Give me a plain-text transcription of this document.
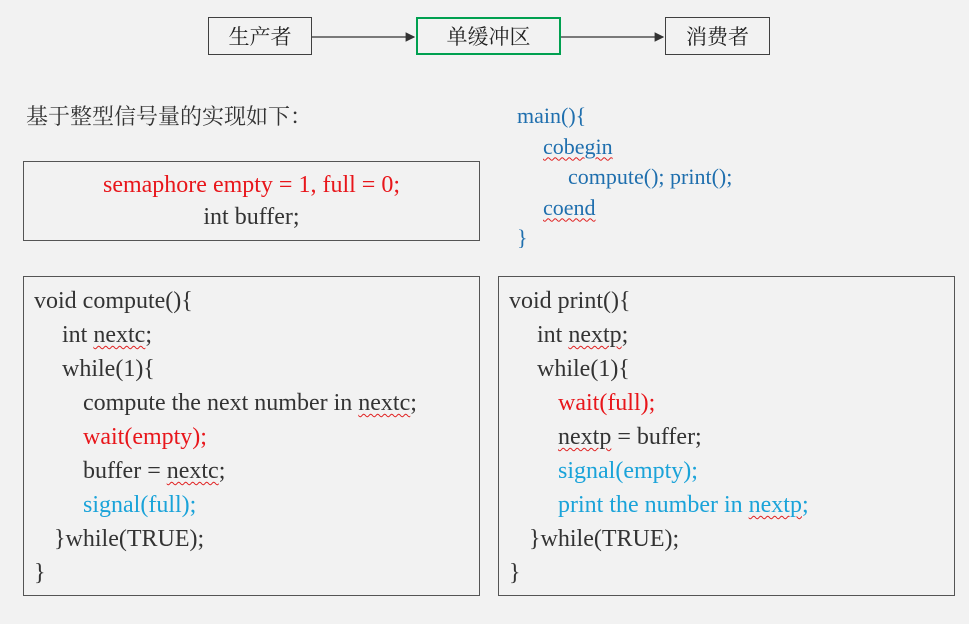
生产者	单缓冲区	消费者
基于整型信号量的实现如下：	main(){
cobegin
compute(); print();
coend
}
semaphore empty = 1, full = 0;
int buffer;
void compute(){
int nextc;
while(1){
compute the next number in nextc;
wait(empty);
buffer = nextc;
signal(full);
}while(TRUE);
}
void print(){
int nextp;
while(1){
wait(full);
nextp = buffer;
signal(empty);
print the number in nextp;
}while(TRUE);
}
